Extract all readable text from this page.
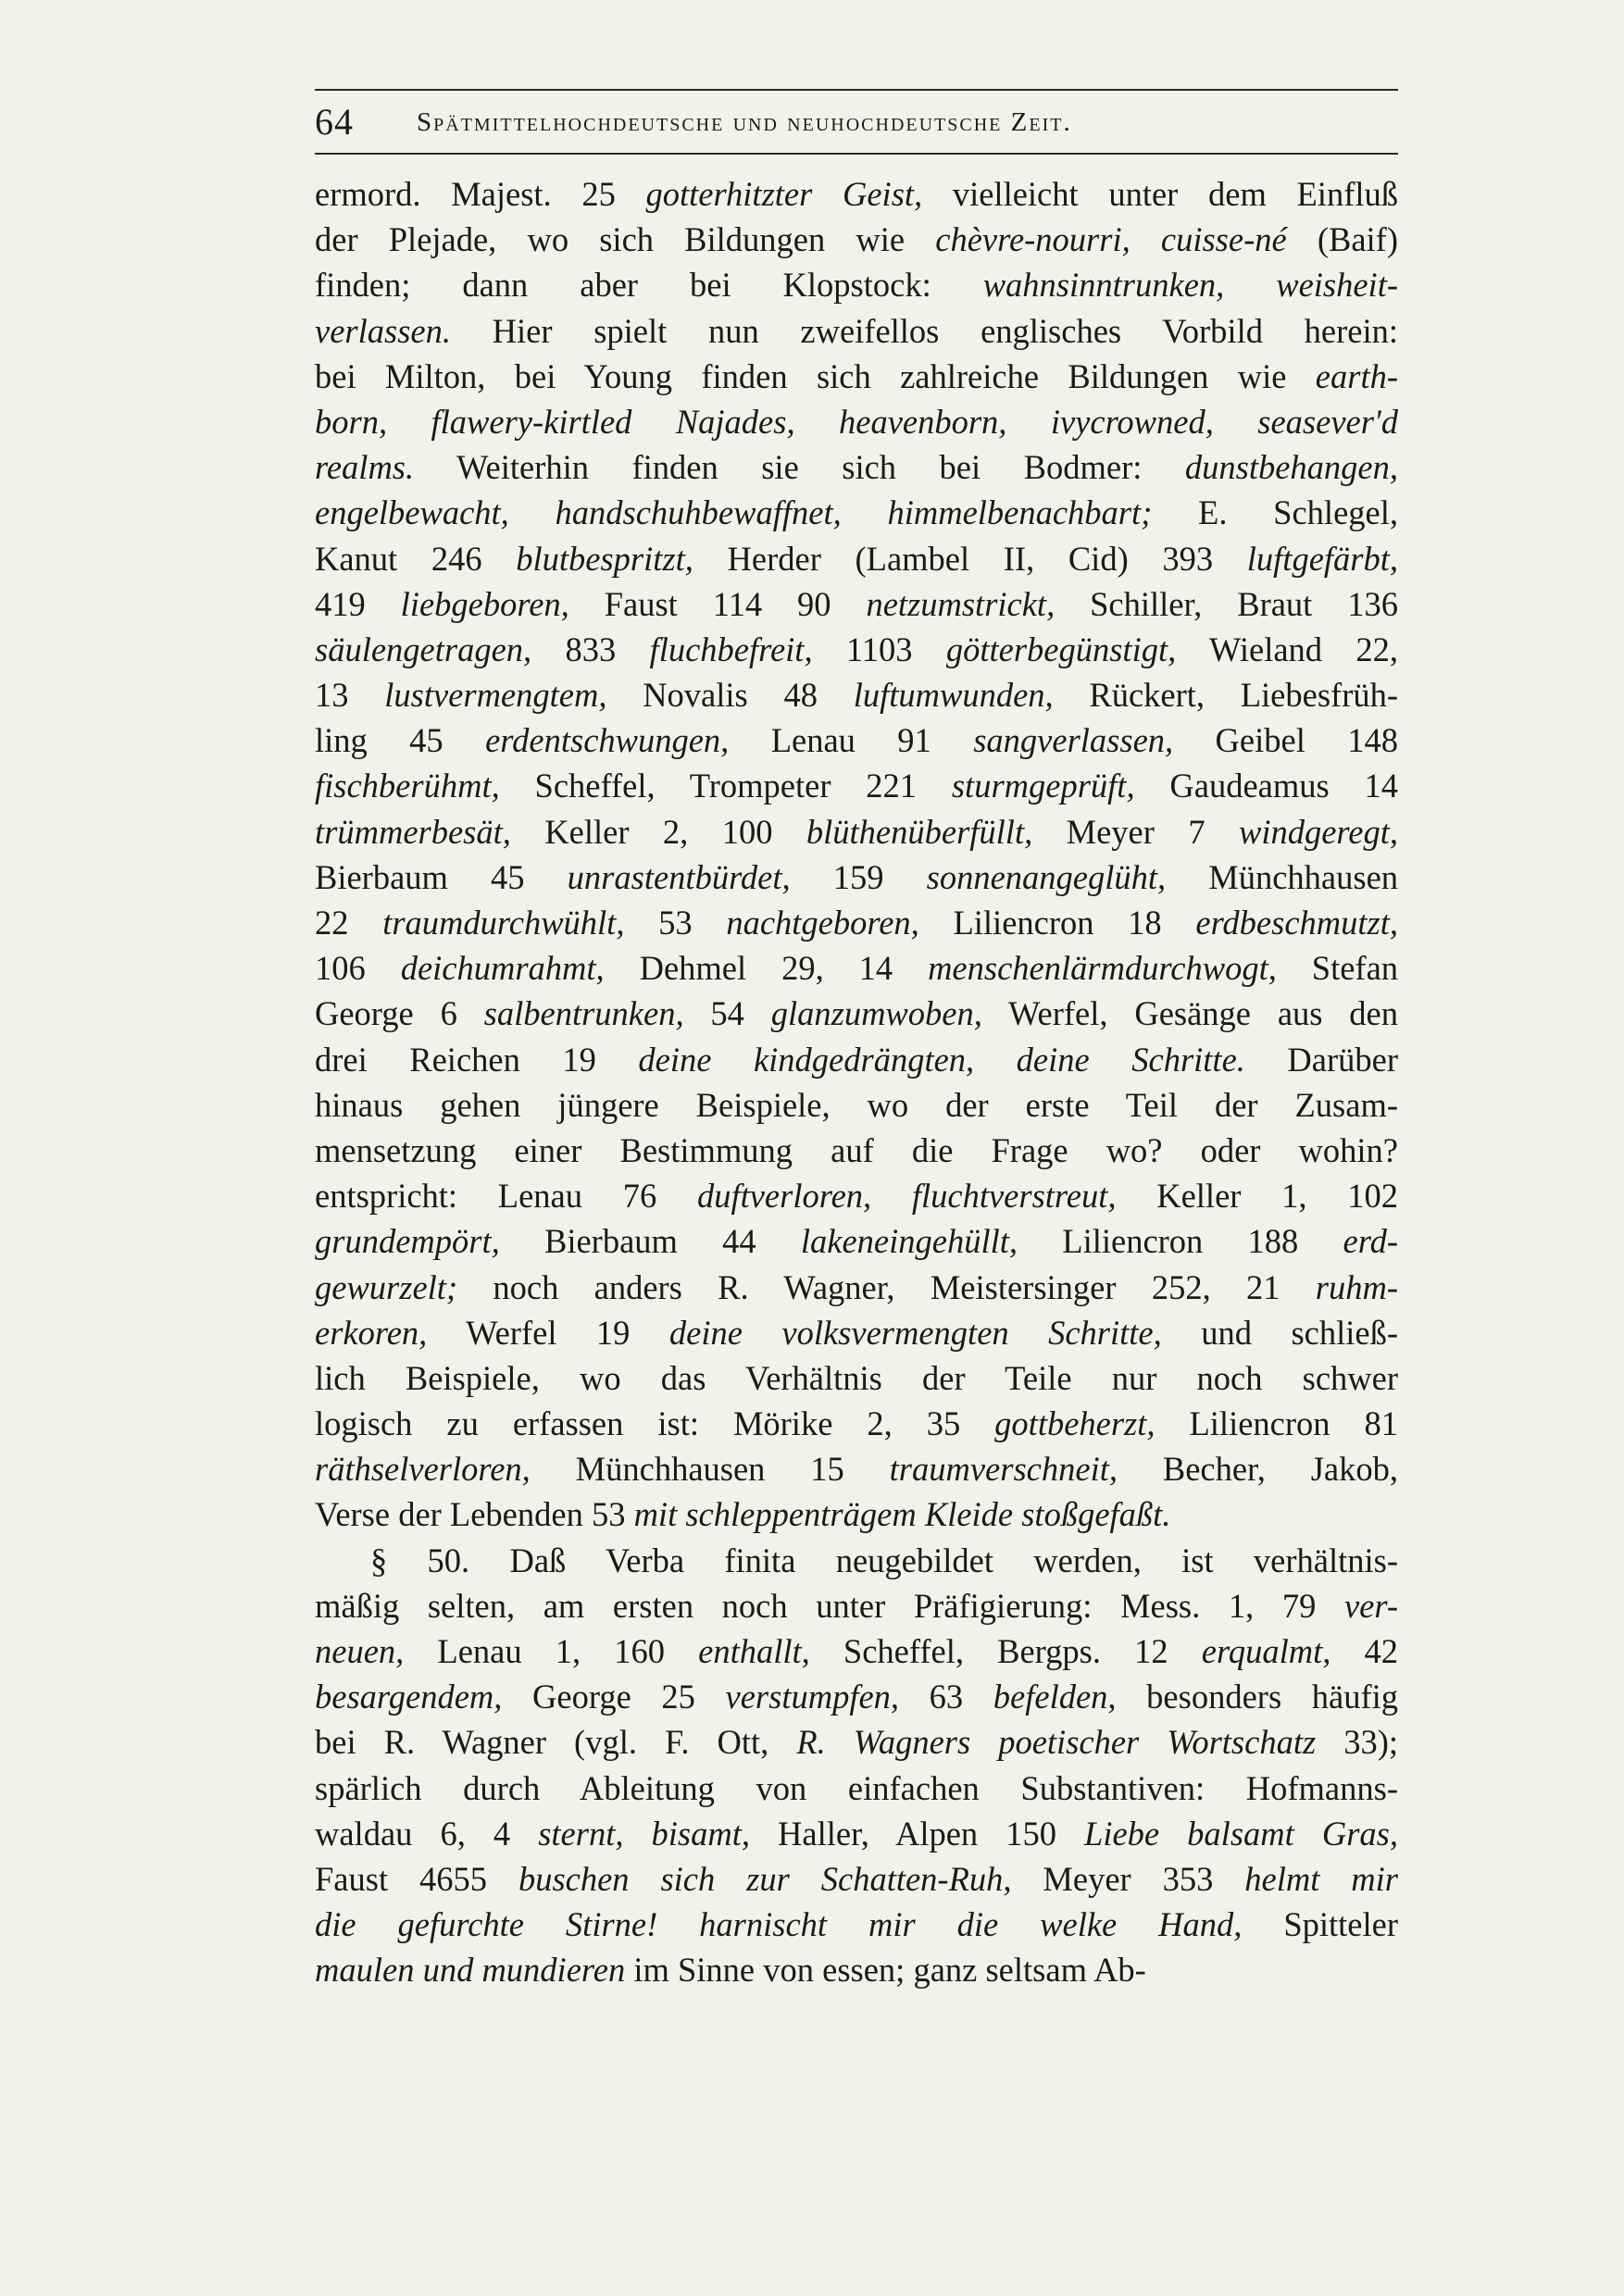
64 Spätmittelhochdeutsche und neuhochdeutsche Zeit.
ermord. Majest. 25 gotterhitzter Geist, vielleicht unter dem Einfluß
der Plejade, wo sich Bildungen wie chèvre-nourri, cuisse-né (Baif)
finden; dann aber bei Klopstock: wahnsinntrunken, weisheit-
verlassen. Hier spielt nun zweifellos englisches Vorbild herein:
bei Milton, bei Young finden sich zahlreiche Bildungen wie earth-
born, flawery-kirtled Najades, heavenborn, ivycrowned, seasever'd
realms. Weiterhin finden sie sich bei Bodmer: dunstbehangen,
engelbewacht, handschuhbewaffnet, himmelbenachbart; E. Schlegel,
Kanut 246 blutbespritzt, Herder (Lambel II, Cid) 393 luftgefärbt,
419 liebgeboren, Faust 114 90 netzumstrickt, Schiller, Braut 136
säulengetragen, 833 fluchbefreit, 1103 götterbegünstigt, Wieland 22,
13 lustvermengtem, Novalis 48 luftumwunden, Rückert, Liebesfrüh-
ling 45 erdentschwungen, Lenau 91 sangverlassen, Geibel 148
fischberühmt, Scheffel, Trompeter 221 sturmgeprüft, Gaudeamus 14
trümmerbesät, Keller 2, 100 blüthenüberfüllt, Meyer 7 windgeregt,
Bierbaum 45 unrastentbürdet, 159 sonnenangeglüht, Münchhausen
22 traumdurchwühlt, 53 nachtgeboren, Liliencron 18 erdbeschmutzt,
106 deichumrahmt, Dehmel 29, 14 menschenlärmdurchwogt, Stefan
George 6 salbentrunken, 54 glanzumwoben, Werfel, Gesänge aus den
drei Reichen 19 deine kindgedrängten, deine Schritte. Darüber
hinaus gehen jüngere Beispiele, wo der erste Teil der Zusam-
mensetzung einer Bestimmung auf die Frage wo? oder wohin?
entspricht: Lenau 76 duftverloren, fluchtverstreut, Keller 1, 102
grundempört, Bierbaum 44 lakeneingehüllt, Liliencron 188 erd-
gewurzelt; noch anders R. Wagner, Meistersinger 252, 21 ruhm-
erkoren, Werfel 19 deine volksvermengten Schritte, und schließ-
lich Beispiele, wo das Verhältnis der Teile nur noch schwer
logisch zu erfassen ist: Mörike 2, 35 gottbeherzt, Liliencron 81
räthselverloren, Münchhausen 15 traumverschneit, Becher, Jakob,
Verse der Lebenden 53 mit schleppenträgem Kleide stoßgefaßt.
§ 50. Daß Verba finita neugebildet werden, ist verhältnis-
mäßig selten, am ersten noch unter Präfigierung: Mess. 1, 79 ver-
neuen, Lenau 1, 160 enthallt, Scheffel, Bergps. 12 erqualmt, 42
besargendem, George 25 verstumpfen, 63 befelden, besonders häufig
bei R. Wagner (vgl. F. Ott, R. Wagners poetischer Wortschatz 33);
spärlich durch Ableitung von einfachen Substantiven: Hofmanns-
waldau 6, 4 sternt, bisamt, Haller, Alpen 150 Liebe balsamt Gras,
Faust 4655 buschen sich zur Schatten-Ruh, Meyer 353 helmt mir
die gefurchte Stirne! harnischt mir die welke Hand, Spitteler
maulen und mundieren im Sinne von essen; ganz seltsam Ab-
